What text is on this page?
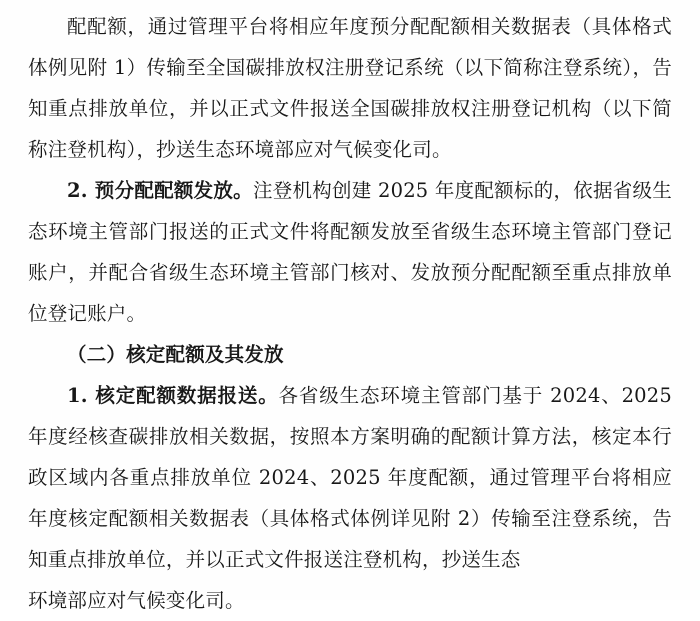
配配额，通过管理平台将相应年度预分配配额相关数据表（具体格式体例见附 1）传输至全国碳排放权注册登记系统（以下简称注登系统），告知重点排放单位，并以正式文件报送全国碳排放权注册登记机构（以下简称注登机构），抄送生态环境部应对气候变化司。

2. 预分配配额发放。注登机构创建 2025 年度配额标的，依据省级生态环境主管部门报送的正式文件将配额发放至省级生态环境主管部门登记账户，并配合省级生态环境主管部门核对、发放预分配配额至重点排放单位登记账户。

（二）核定配额及其发放

1. 核定配额数据报送。各省级生态环境主管部门基于 2024、2025 年度经核查碳排放相关数据，按照本方案明确的配额计算方法，核定本行政区域内各重点排放单位 2024、2025 年度配额，通过管理平台将相应年度核定配额相关数据表（具体格式体例详见附 2）传输至注登系统，告知重点排放单位，并以正式文件报送注登机构，抄送生态

环境部应对气候变化司。
